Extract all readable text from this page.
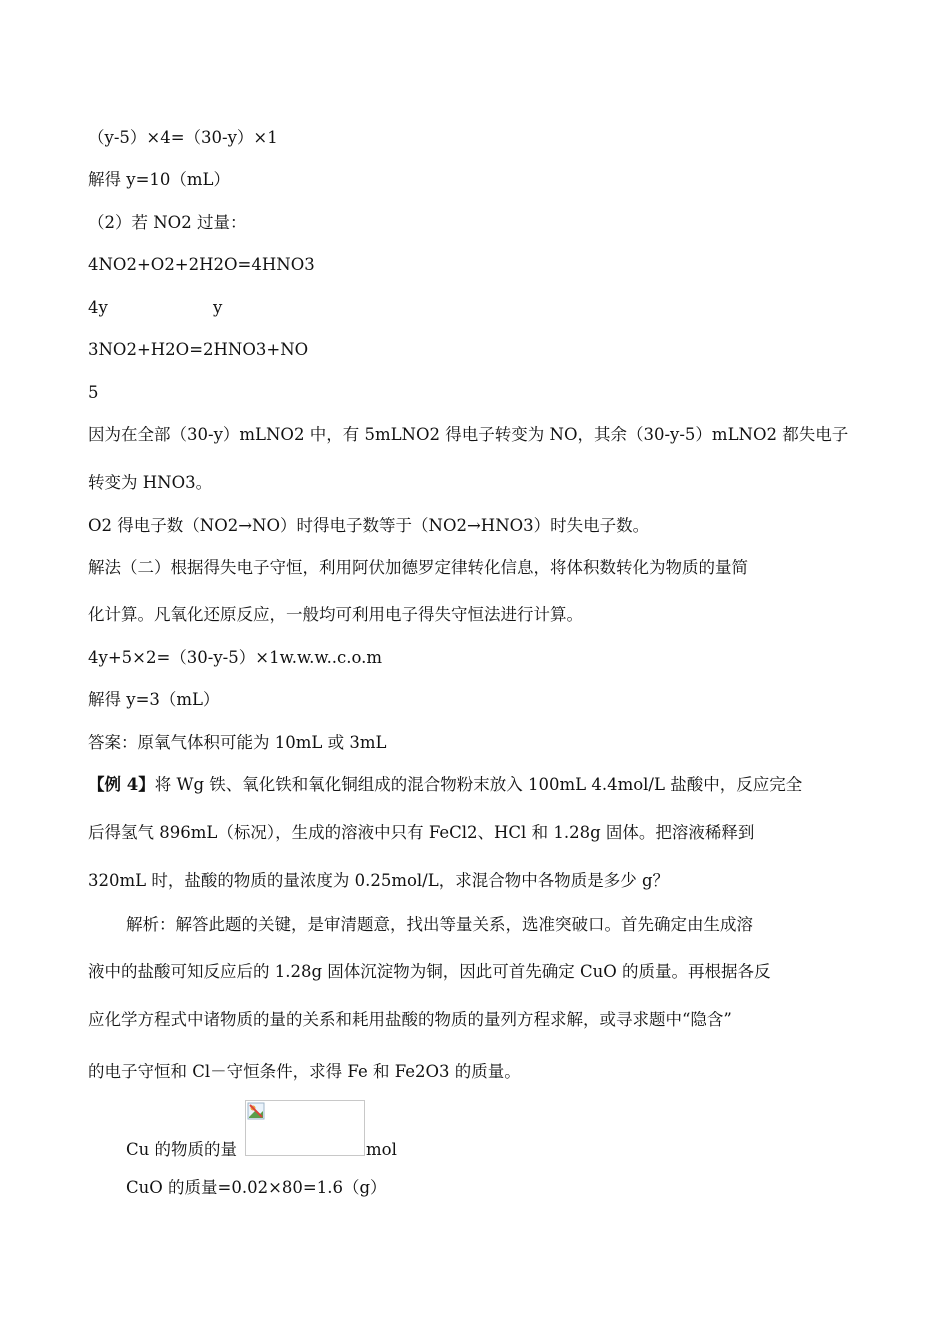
（y-5）×4=（30-y）×1
解得 y=10（mL）
（2）若 NO2 过量：
4NO2+O2+2H2O=4HNO3
4y	y
3NO2+H2O=2HNO3+NO
5
因为在全部（30-y）mLNO2 中，有 5mLNO2 得电子转变为 NO，其余（30-y-5）mLNO2 都失电子
转变为 HNO3。
O2 得电子数（NO2→NO）时得电子数等于（NO2→HNO3）时失电子数。
解法（二）根据得失电子守恒，利用阿伏加德罗定律转化信息，将体积数转化为物质的量简
化计算。凡氧化还原反应，一般均可利用电子得失守恒法进行计算。
4y+5×2=（30-y-5）×1w.w.w..c.o.m
解得 y=3（mL）
答案：原氧气体积可能为 10mL 或 3mL
【例 4】将 Wg 铁、氧化铁和氧化铜组成的混合物粉末放入 100mL 4.4mol/L 盐酸中，反应完全
后得氢气 896mL（标况），生成的溶液中只有 FeCl2、HCl 和 1.28g 固体。把溶液稀释到
320mL 时，盐酸的物质的量浓度为 0.25mol/L，求混合物中各物质是多少 g？
解析：解答此题的关键，是审清题意，找出等量关系，选准突破口。首先确定由生成溶
液中的盐酸可知反应后的 1.28g 固体沉淀物为铜，因此可首先确定 CuO 的质量。再根据各反
应化学方程式中诸物质的量的关系和耗用盐酸的物质的量列方程求解，或寻求题中“隐含”
的电子守恒和 Cl－守恒条件，求得 Fe 和 Fe2O3 的质量。
Cu 的物质的量	mol
CuO 的质量=0.02×80=1.6（g）
